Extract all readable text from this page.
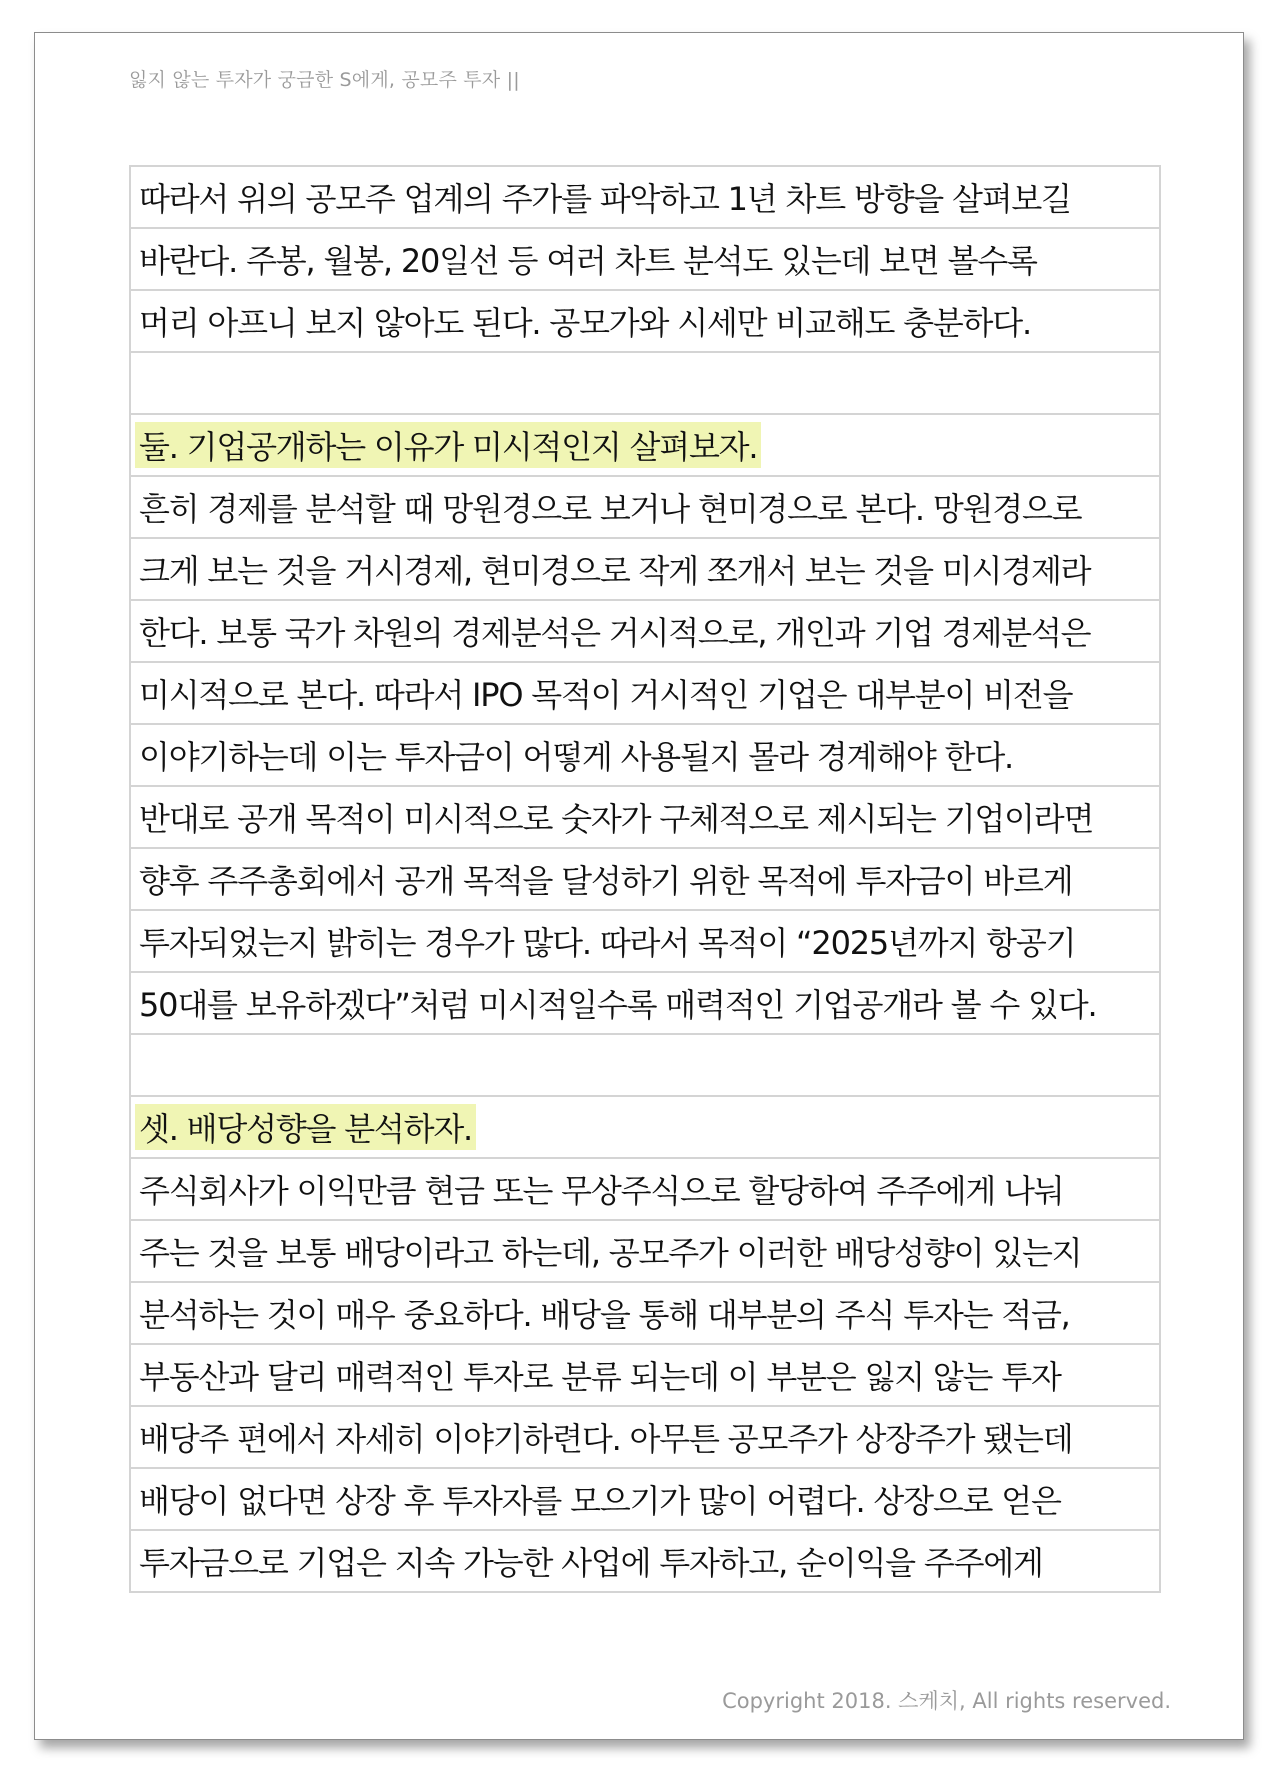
잃지 않는 투자가 궁금한 S에게, 공모주 투자 ||
따라서 위의 공모주 업계의 주가를 파악하고 1년 차트 방향을 살펴보길
바란다. 주봉, 월봉, 20일선 등 여러 차트 분석도 있는데 보면 볼수록
머리 아프니 보지 않아도 된다. 공모가와 시세만 비교해도 충분하다.
둘. 기업공개하는 이유가 미시적인지 살펴보자.
흔히 경제를 분석할 때 망원경으로 보거나 현미경으로 본다. 망원경으로
크게 보는 것을 거시경제, 현미경으로 작게 쪼개서 보는 것을 미시경제라
한다. 보통 국가 차원의 경제분석은 거시적으로, 개인과 기업 경제분석은
미시적으로 본다. 따라서 IPO 목적이 거시적인 기업은 대부분이 비전을
이야기하는데 이는 투자금이 어떻게 사용될지 몰라 경계해야 한다.
반대로 공개 목적이 미시적으로 숫자가 구체적으로 제시되는 기업이라면
향후 주주총회에서 공개 목적을 달성하기 위한 목적에 투자금이 바르게
투자되었는지 밝히는 경우가 많다. 따라서 목적이 “2025년까지 항공기
50대를 보유하겠다”처럼 미시적일수록 매력적인 기업공개라 볼 수 있다.
셋. 배당성향을 분석하자.
주식회사가 이익만큼 현금 또는 무상주식으로 할당하여 주주에게 나눠
주는 것을 보통 배당이라고 하는데, 공모주가 이러한 배당성향이 있는지
분석하는 것이 매우 중요하다. 배당을 통해 대부분의 주식 투자는 적금,
부동산과 달리 매력적인 투자로 분류 되는데 이 부분은 잃지 않는 투자
배당주 편에서 자세히 이야기하련다. 아무튼 공모주가 상장주가 됐는데
배당이 없다면 상장 후 투자자를 모으기가 많이 어렵다. 상장으로 얻은
투자금으로 기업은 지속 가능한 사업에 투자하고, 순이익을 주주에게
Copyright 2018. 스케치, All rights reserved.
